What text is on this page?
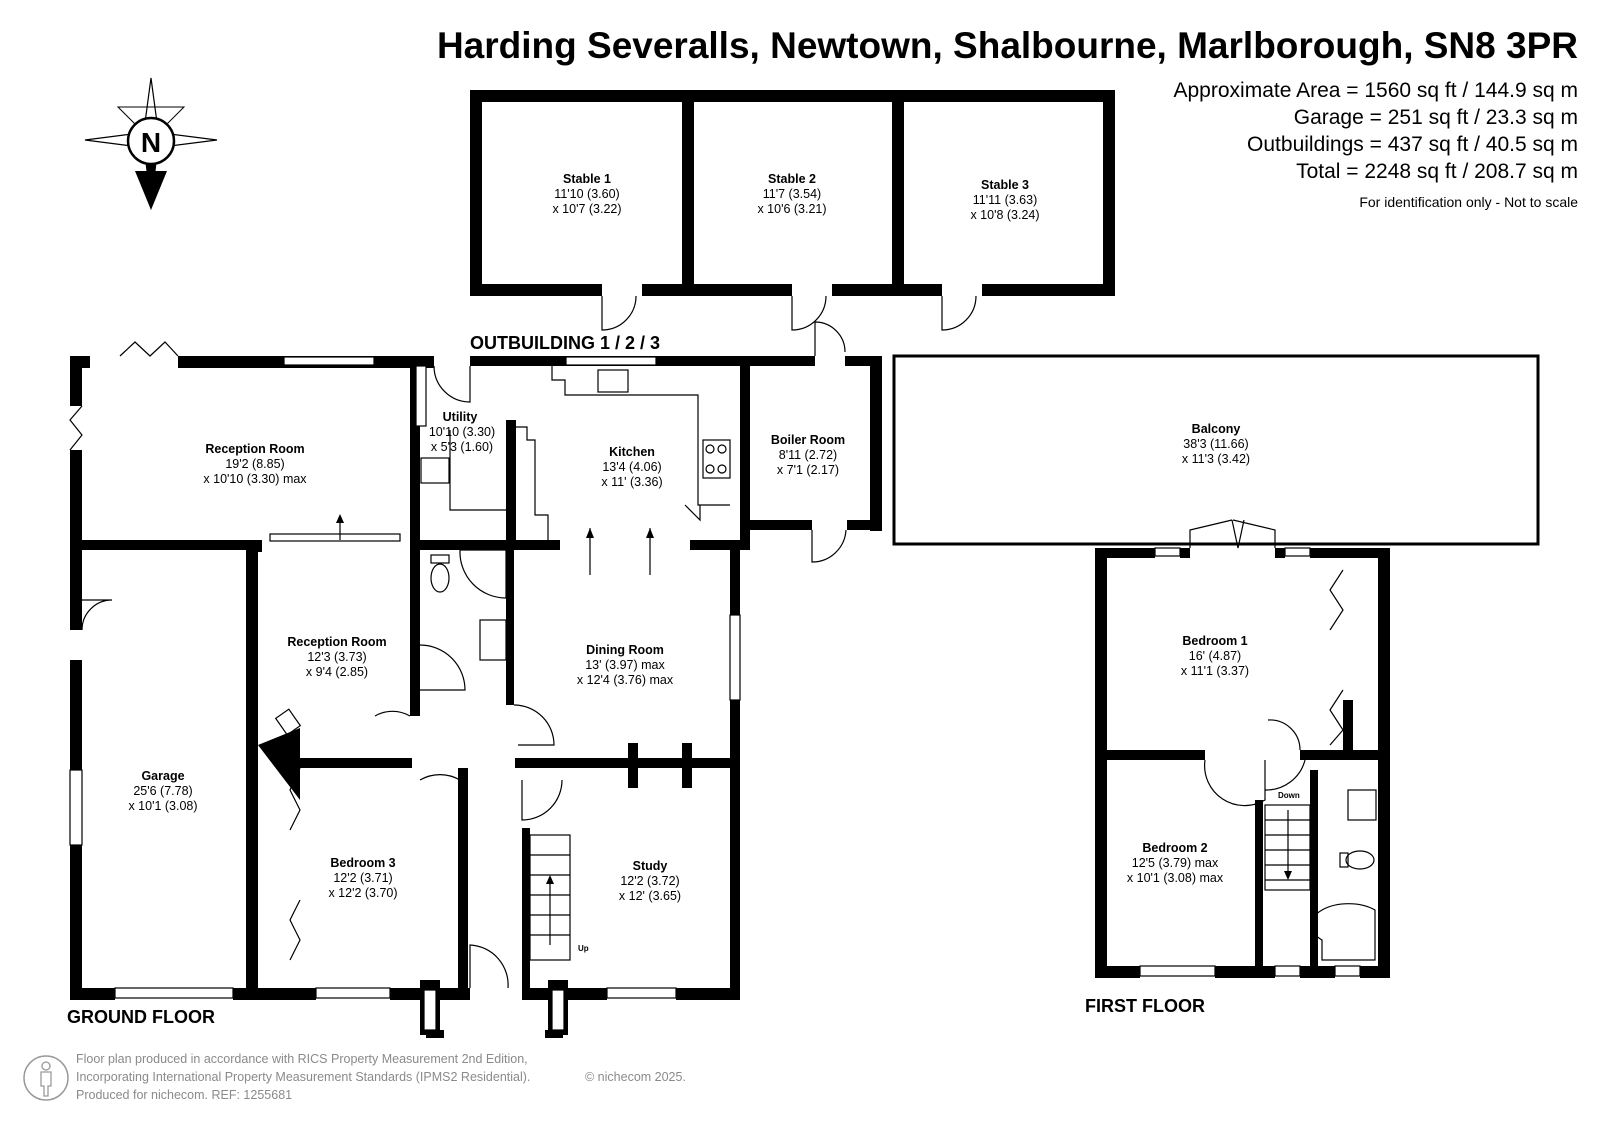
Harding Severalls, Newtown, Shalbourne, Marlborough, SN8 3PR
Approximate Area = 1560 sq ft / 144.9 sq m
Garage = 251 sq ft / 23.3 sq m
Outbuildings = 437 sq ft / 40.5 sq m
Total = 2248 sq ft / 208.7 sq m
For identification only - Not to scale
N
OUTBUILDING 1 / 2 / 3
Stable 1
11'10 (3.60)
x 10'7 (3.22)
Stable 2
11'7 (3.54)
x 10'6 (3.21)
Stable 3
11'11 (3.63)
x 10'8 (3.24)
Reception Room
19'2 (8.85)
x 10'10 (3.30) max
Utility
10'10 (3.30)
x 5'3 (1.60)	Kitchen
13'4 (4.06)
x 11' (3.36)
Boiler Room
8'11 (2.72)
x 7'1 (2.17)
Reception Room
12'3 (3.73)
x 9'4 (2.85)
Dining Room
13' (3.97) max
x 12'4 (3.76) max
Garage
25'6 (7.78)
x 10'1 (3.08)
Bedroom 3
12'2 (3.71)
x 12'2 (3.70)
Study
12'2 (3.72)
x 12' (3.65)
Up
Balcony
38'3 (11.66)
x 11'3 (3.42)
Bedroom 1
16' (4.87)
x 11'1 (3.37)
Bedroom 2
12'5 (3.79) max
x 10'1 (3.08) max
Down
GROUND FLOOR
FIRST FLOOR
Floor plan produced in accordance with RICS Property Measurement 2nd Edition,
Incorporating International Property Measurement Standards (IPMS2 Residential).
Produced for nichecom. REF: 1255681
© nichecom 2025.
